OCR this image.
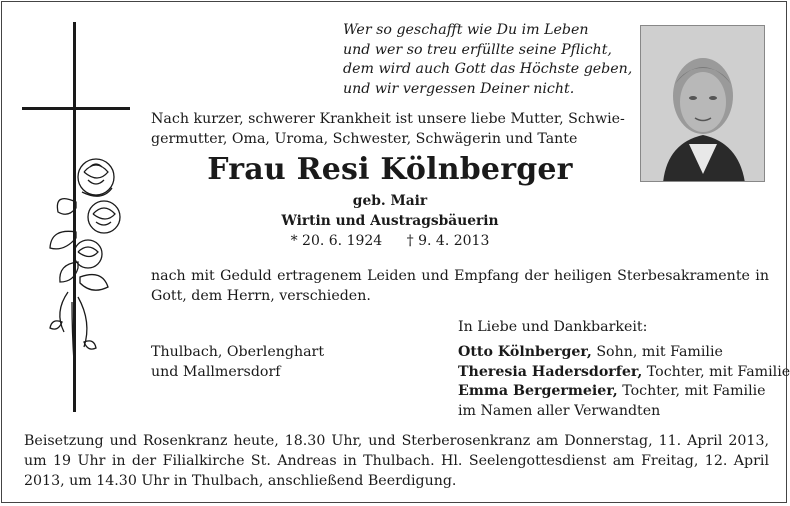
Wer so geschafft wie Du im Leben
und wer so treu erfüllte seine Pflicht,
dem wird auch Gott das Höchste geben,
und wir vergessen Deiner nicht.
Nach kurzer, schwerer Krankheit ist unsere liebe Mutter, Schwie-
germutter, Oma, Uroma, Schwester, Schwägerin und Tante
Frau Resi Kölnberger
geb. Mair
Wirtin und Austragsbäuerin
* 20. 6. 1924 † 9. 4. 2013
nach mit Geduld ertragenem Leiden und Empfang der heiligen Sterbesakramente in Gott, dem Herrn, verschieden.
In Liebe und Dankbarkeit:
Thulbach, Oberlenghart
und Mallmersdorf
Otto Kölnberger, Sohn, mit Familie
Theresia Hadersdorfer, Tochter, mit Familie
Emma Bergermeier, Tochter, mit Familie
im Namen aller Verwandten
Beisetzung und Rosenkranz heute, 18.30 Uhr, und Sterberosenkranz am Donnerstag, 11. April 2013, um 19 Uhr in der Filialkirche St. Andreas in Thulbach. Hl. Seelengottesdienst am Freitag, 12. April 2013, um 14.30 Uhr in Thulbach, anschließend Beerdigung.
